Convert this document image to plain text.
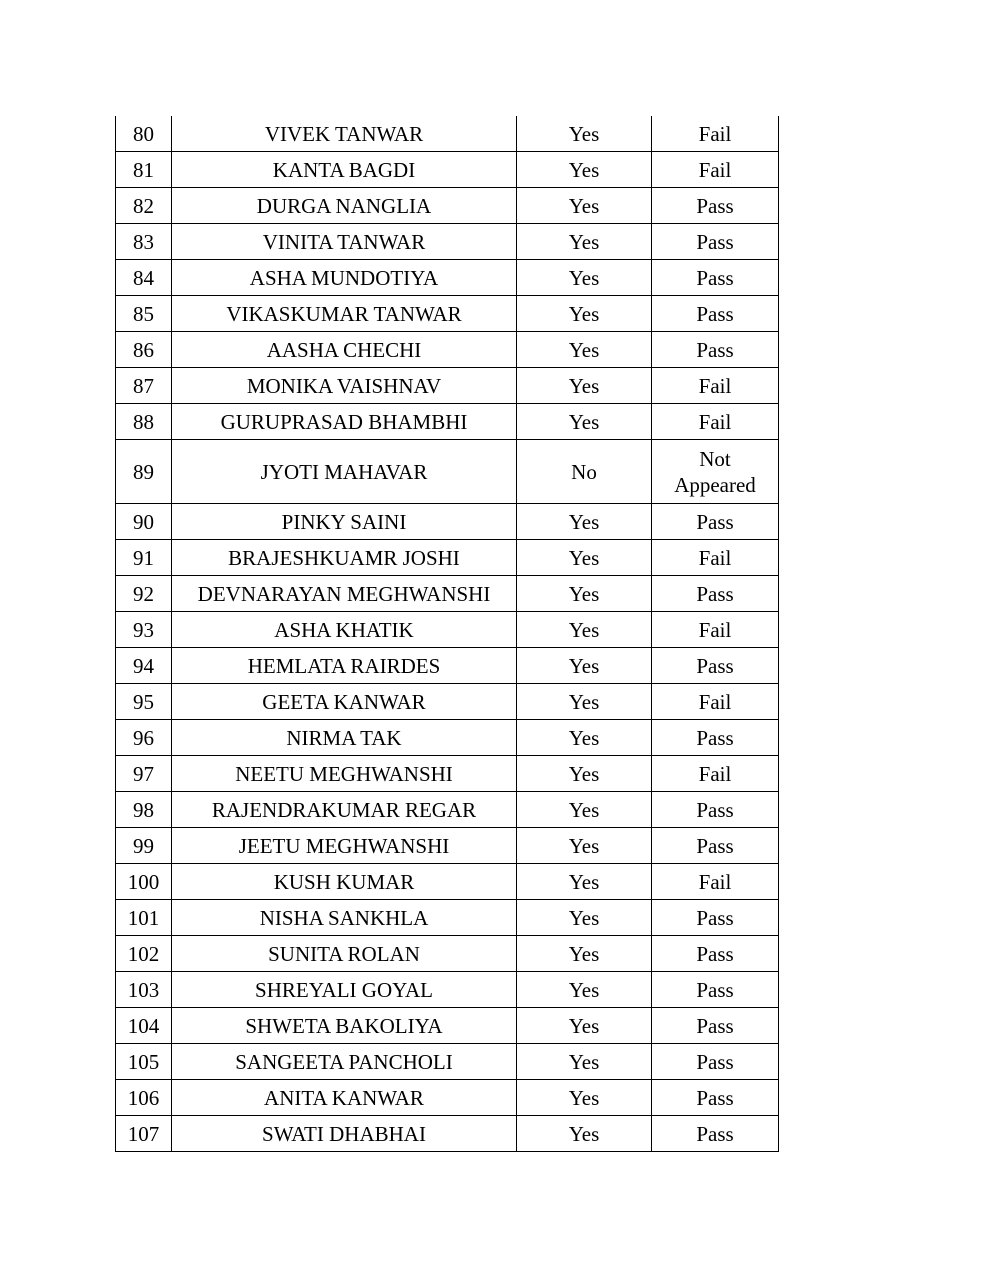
80	VIVEK TANWAR	Yes	Fail
81	KANTA BAGDI	Yes	Fail
82	DURGA NANGLIA	Yes	Pass
83	VINITA TANWAR	Yes	Pass
84	ASHA MUNDOTIYA	Yes	Pass
85	VIKASKUMAR TANWAR	Yes	Pass
86	AASHA CHECHI	Yes	Pass
87	MONIKA VAISHNAV	Yes	Fail
88	GURUPRASAD BHAMBHI	Yes	Fail
89	JYOTI MAHAVAR	No	Not
Appeared

90	PINKY SAINI	Yes	Pass
91	BRAJESHKUAMR JOSHI	Yes	Fail
92	DEVNARAYAN MEGHWANSHI	Yes	Pass
93	ASHA KHATIK	Yes	Fail
94	HEMLATA RAIRDES	Yes	Pass
95	GEETA KANWAR	Yes	Fail
96	NIRMA TAK	Yes	Pass
97	NEETU MEGHWANSHI	Yes	Fail
98	RAJENDRAKUMAR REGAR	Yes	Pass
99	JEETU MEGHWANSHI	Yes	Pass
100	KUSH KUMAR	Yes	Fail
101	NISHA SANKHLA	Yes	Pass
102	SUNITA ROLAN	Yes	Pass
103	SHREYALI GOYAL	Yes	Pass
104	SHWETA BAKOLIYA	Yes	Pass
105	SANGEETA PANCHOLI	Yes	Pass
106	ANITA KANWAR	Yes	Pass
107	SWATI DHABHAI	Yes	Pass
